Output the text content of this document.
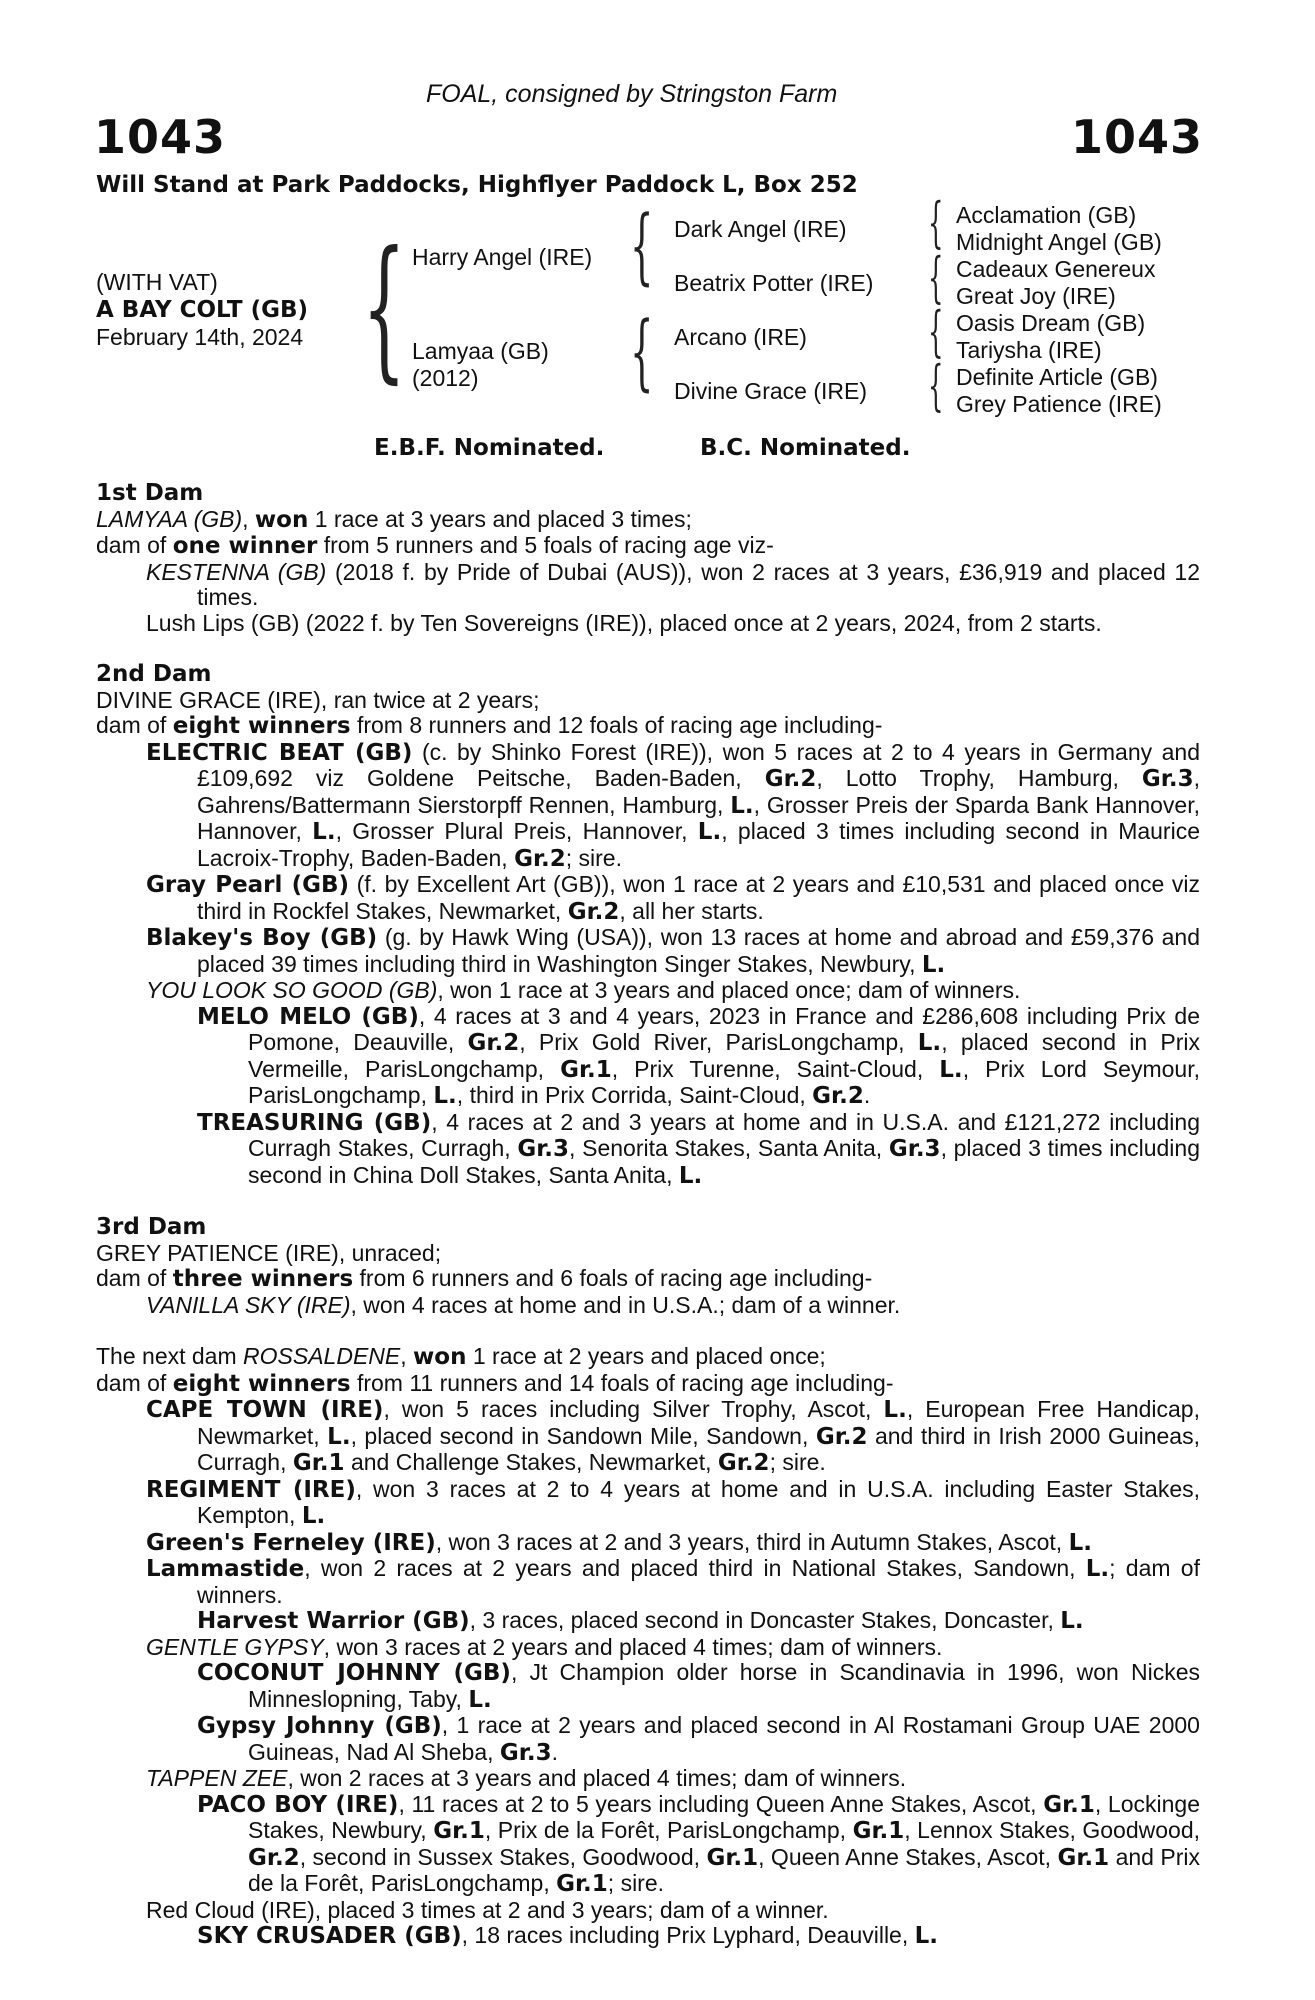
FOAL, consigned by Stringston Farm
1043	1043
Will Stand at Park Paddocks, Highflyer Paddock L, Box 252
(WITH VAT)
A BAY COLT (GB)
February 14th, 2024 { Harry Angel (IRE)
Lamyaa (GB)
(2012)
{
{
Dark Angel (IRE)
Beatrix Potter (IRE)
Arcano (IRE)
Divine Grace (IRE)
{
{
{
{
Acclamation (GB)
Midnight Angel (GB)
Cadeaux Genereux
Great Joy (IRE)
Oasis Dream (GB)
Tariysha (IRE)
Definite Article (GB)
Grey Patience (IRE)
E.B.F. Nominated.	B.C. Nominated.

1st Dam

LAMYAA (GB), won 1 race at 3 years and placed 3 times;

dam of one winner from 5 runners and 5 foals of racing age viz-

KESTENNA (GB) (2018 f. by Pride of Dubai (AUS)), won 2 races at 3 years, £36,919 and placed 12 times.

Lush Lips (GB) (2022 f. by Ten Sovereigns (IRE)), placed once at 2 years, 2024, from 2 starts.

2nd Dam

DIVINE GRACE (IRE), ran twice at 2 years;

dam of eight winners from 8 runners and 12 foals of racing age including-

ELECTRIC BEAT (GB) (c. by Shinko Forest (IRE)), won 5 races at 2 to 4 years in Germany and £109,692 viz Goldene Peitsche, Baden-Baden, Gr.2, Lotto Trophy, Hamburg, Gr.3, Gahrens/Battermann Sierstorpff Rennen, Hamburg, L., Grosser Preis der Sparda Bank Hannover, Hannover, L., Grosser Plural Preis, Hannover, L., placed 3 times including second in Maurice Lacroix-Trophy, Baden-Baden, Gr.2; sire.

Gray Pearl (GB) (f. by Excellent Art (GB)), won 1 race at 2 years and £10,531 and placed once viz third in Rockfel Stakes, Newmarket, Gr.2, all her starts.

Blakey's Boy (GB) (g. by Hawk Wing (USA)), won 13 races at home and abroad and £59,376 and placed 39 times including third in Washington Singer Stakes, Newbury, L.

YOU LOOK SO GOOD (GB), won 1 race at 3 years and placed once; dam of winners.

MELO MELO (GB), 4 races at 3 and 4 years, 2023 in France and £286,608 including Prix de Pomone, Deauville, Gr.2, Prix Gold River, ParisLongchamp, L., placed second in Prix Vermeille, ParisLongchamp, Gr.1, Prix Turenne, Saint-Cloud, L., Prix Lord Seymour, ParisLongchamp, L., third in Prix Corrida, Saint-Cloud, Gr.2.

TREASURING (GB), 4 races at 2 and 3 years at home and in U.S.A. and £121,272 including Curragh Stakes, Curragh, Gr.3, Senorita Stakes, Santa Anita, Gr.3, placed 3 times including second in China Doll Stakes, Santa Anita, L.

3rd Dam

GREY PATIENCE (IRE), unraced;

dam of three winners from 6 runners and 6 foals of racing age including-

VANILLA SKY (IRE), won 4 races at home and in U.S.A.; dam of a winner.

The next dam ROSSALDENE, won 1 race at 2 years and placed once;

dam of eight winners from 11 runners and 14 foals of racing age including-

CAPE TOWN (IRE), won 5 races including Silver Trophy, Ascot, L., European Free Handicap, Newmarket, L., placed second in Sandown Mile, Sandown, Gr.2 and third in Irish 2000 Guineas, Curragh, Gr.1 and Challenge Stakes, Newmarket, Gr.2; sire.

REGIMENT (IRE), won 3 races at 2 to 4 years at home and in U.S.A. including Easter Stakes, Kempton, L.

Green's Ferneley (IRE), won 3 races at 2 and 3 years, third in Autumn Stakes, Ascot, L.

Lammastide, won 2 races at 2 years and placed third in National Stakes, Sandown, L.; dam of winners.

Harvest Warrior (GB), 3 races, placed second in Doncaster Stakes, Doncaster, L.

GENTLE GYPSY, won 3 races at 2 years and placed 4 times; dam of winners.

COCONUT JOHNNY (GB), Jt Champion older horse in Scandinavia in 1996, won Nickes Minneslopning, Taby, L.

Gypsy Johnny (GB), 1 race at 2 years and placed second in Al Rostamani Group UAE 2000 Guineas, Nad Al Sheba, Gr.3.

TAPPEN ZEE, won 2 races at 3 years and placed 4 times; dam of winners.

PACO BOY (IRE), 11 races at 2 to 5 years including Queen Anne Stakes, Ascot, Gr.1, Lockinge Stakes, Newbury, Gr.1, Prix de la Forêt, ParisLongchamp, Gr.1, Lennox Stakes, Goodwood, Gr.2, second in Sussex Stakes, Goodwood, Gr.1, Queen Anne Stakes, Ascot, Gr.1 and Prix de la Forêt, ParisLongchamp, Gr.1; sire.

Red Cloud (IRE), placed 3 times at 2 and 3 years; dam of a winner.

SKY CRUSADER (GB), 18 races including Prix Lyphard, Deauville, L.
